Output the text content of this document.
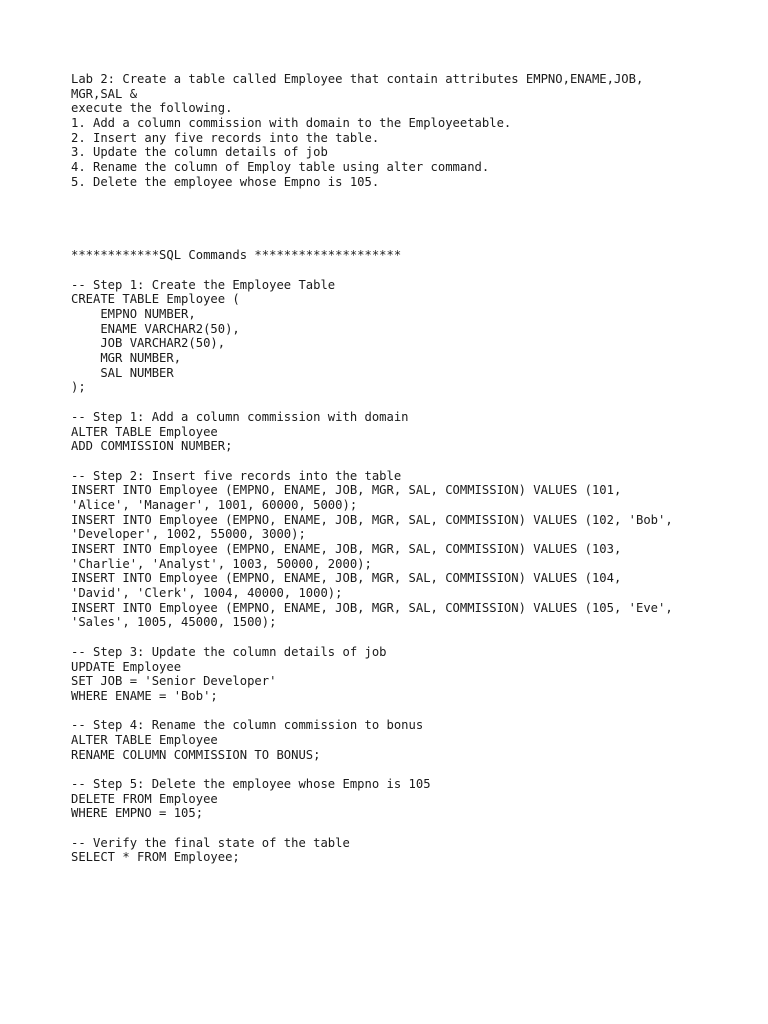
Lab 2: Create a table called Employee that contain attributes EMPNO,ENAME,JOB,
MGR,SAL &
execute the following.
1. Add a column commission with domain to the Employeetable.
2. Insert any five records into the table.
3. Update the column details of job
4. Rename the column of Employ table using alter command.
5. Delete the employee whose Empno is 105.
************SQL Commands ********************
-- Step 1: Create the Employee Table
CREATE TABLE Employee (
EMPNO NUMBER,
ENAME VARCHAR2(50),
JOB VARCHAR2(50),
MGR NUMBER,
SAL NUMBER
);
-- Step 1: Add a column commission with domain
ALTER TABLE Employee
ADD COMMISSION NUMBER;
-- Step 2: Insert five records into the table
INSERT INTO Employee (EMPNO, ENAME, JOB, MGR, SAL, COMMISSION) VALUES (101,
'Alice', 'Manager', 1001, 60000, 5000);
INSERT INTO Employee (EMPNO, ENAME, JOB, MGR, SAL, COMMISSION) VALUES (102, 'Bob',
'Developer', 1002, 55000, 3000);
INSERT INTO Employee (EMPNO, ENAME, JOB, MGR, SAL, COMMISSION) VALUES (103,
'Charlie', 'Analyst', 1003, 50000, 2000);
INSERT INTO Employee (EMPNO, ENAME, JOB, MGR, SAL, COMMISSION) VALUES (104,
'David', 'Clerk', 1004, 40000, 1000);
INSERT INTO Employee (EMPNO, ENAME, JOB, MGR, SAL, COMMISSION) VALUES (105, 'Eve',
'Sales', 1005, 45000, 1500);
-- Step 3: Update the column details of job
UPDATE Employee
SET JOB = 'Senior Developer'
WHERE ENAME = 'Bob';
-- Step 4: Rename the column commission to bonus
ALTER TABLE Employee
RENAME COLUMN COMMISSION TO BONUS;
-- Step 5: Delete the employee whose Empno is 105
DELETE FROM Employee
WHERE EMPNO = 105;
-- Verify the final state of the table
SELECT * FROM Employee;
